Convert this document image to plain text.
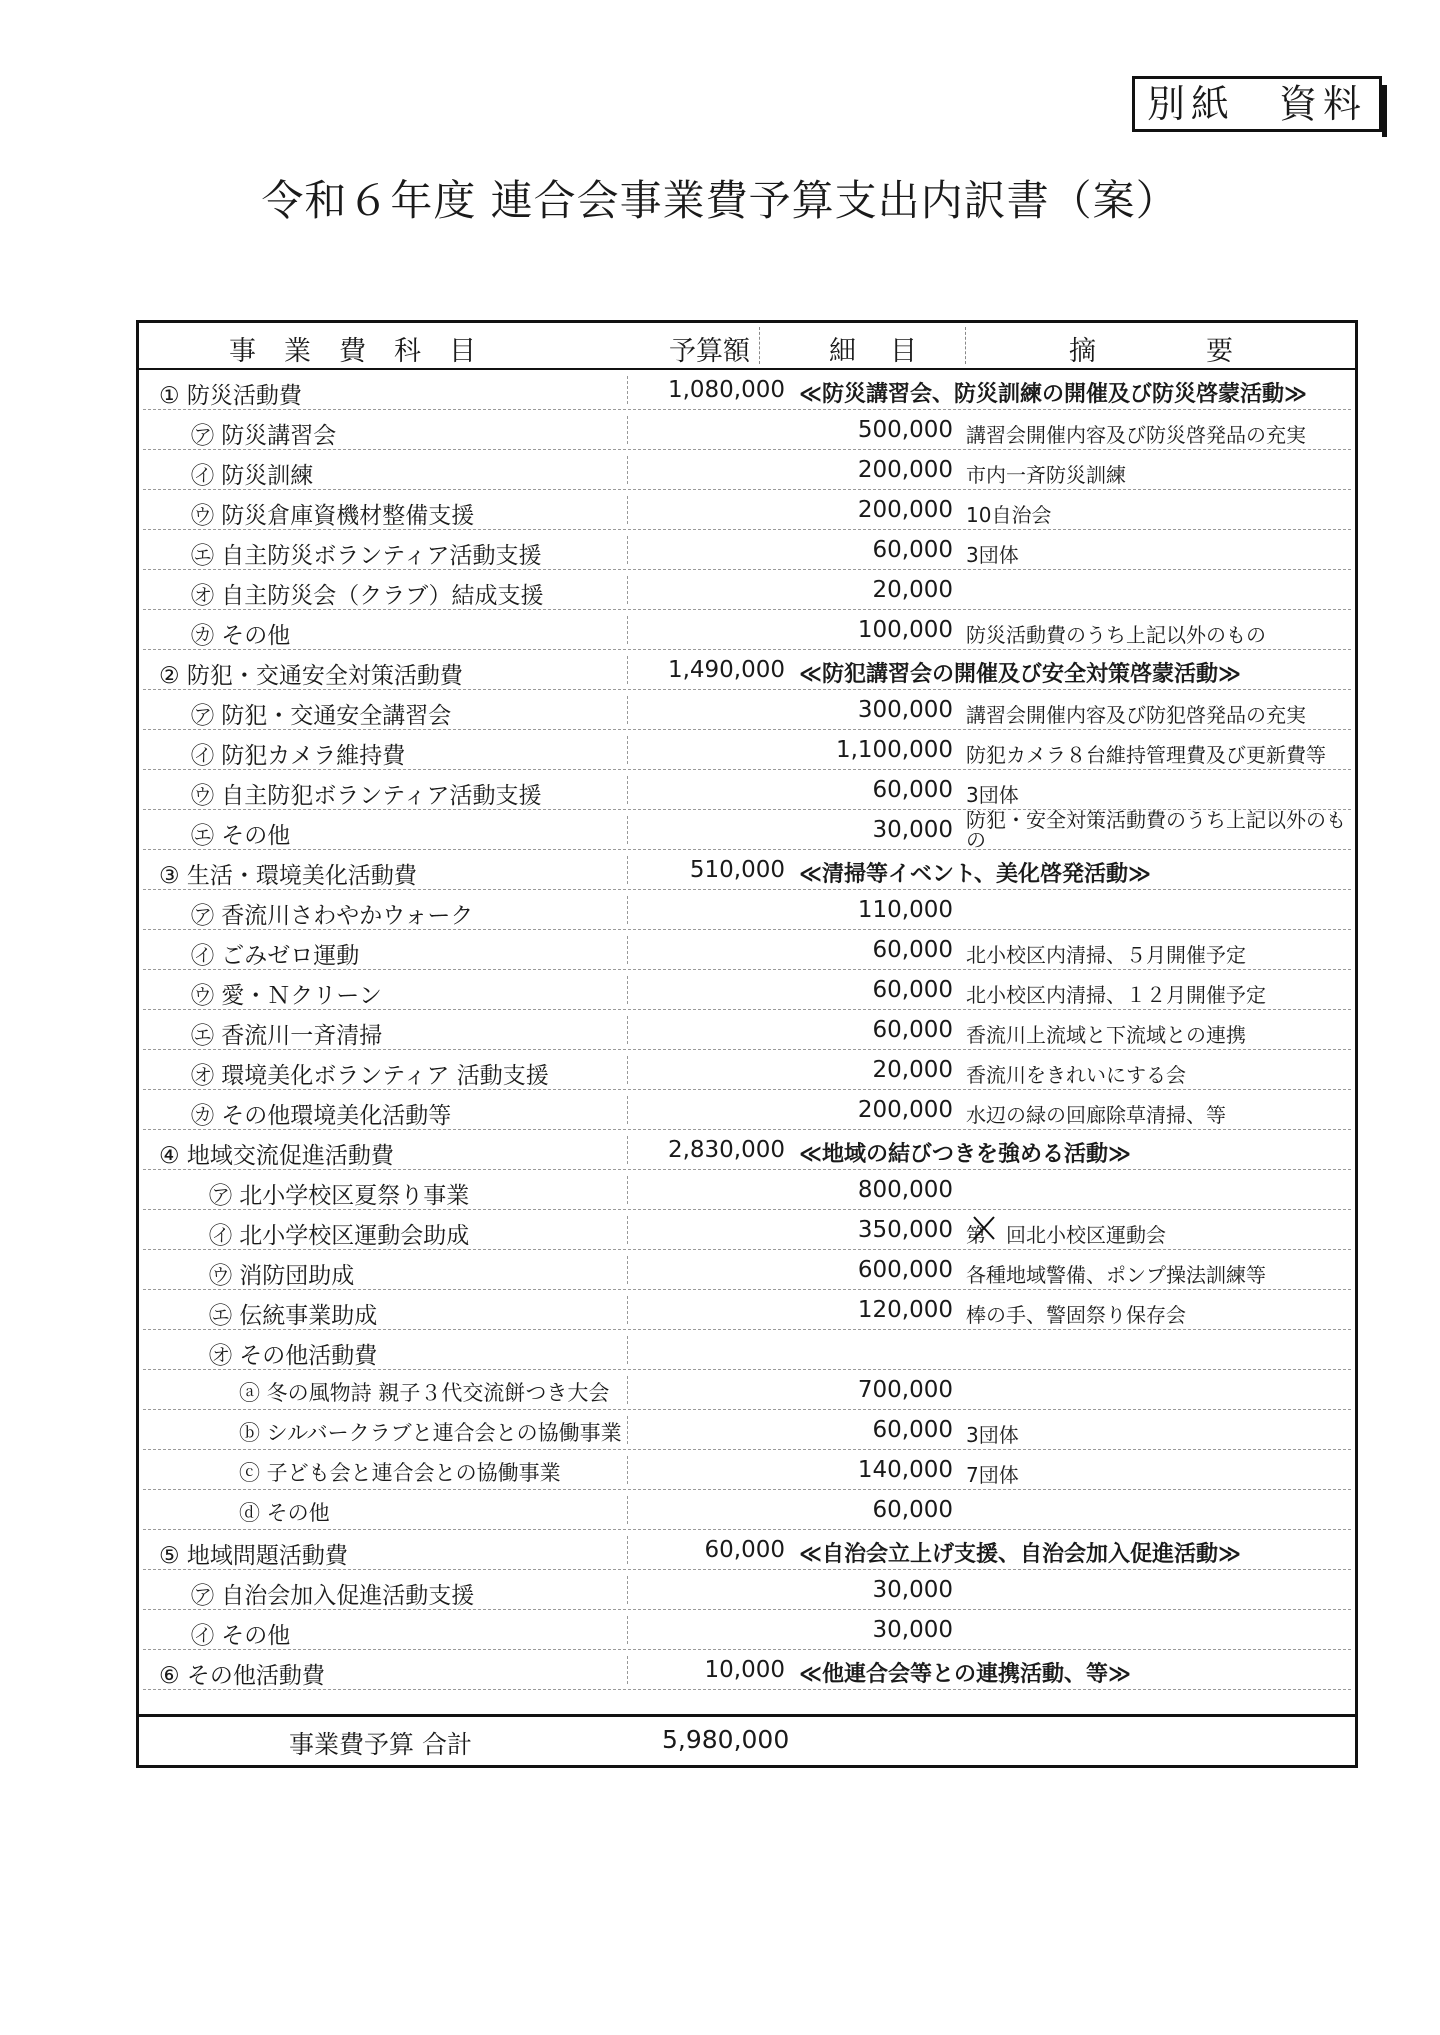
別紙　資料
令和６年度 連合会事業費予算支出内訳書（案）
事業費科目	予算額	細目	摘要
① 防災活動費	1,080,000 ≪防災講習会、防災訓練の開催及び防災啓蒙活動≫
㋐ 防災講習会	500,000 講習会開催内容及び防災啓発品の充実
㋑ 防災訓練	200,000 市内一斉防災訓練
㋒ 防災倉庫資機材整備支援	200,000 10自治会
㋓ 自主防災ボランティア活動支援	60,000 3団体
㋔ 自主防災会（クラブ）結成支援	20,000
㋕ その他	100,000 防災活動費のうち上記以外のもの
② 防犯・交通安全対策活動費	1,490,000 ≪防犯講習会の開催及び安全対策啓蒙活動≫
㋐ 防犯・交通安全講習会	300,000 講習会開催内容及び防犯啓発品の充実
㋑ 防犯カメラ維持費	1,100,000 防犯カメラ８台維持管理費及び更新費等
㋒ 自主防犯ボランティア活動支援	60,000 3団体
㋓ その他	30,000 防犯・安全対策活動費のうち上記以外のもの
③ 生活・環境美化活動費	510,000 ≪清掃等イベント、美化啓発活動≫
㋐ 香流川さわやかウォーク	110,000
㋑ ごみゼロ運動	60,000 北小校区内清掃、５月開催予定
㋒ 愛・Ｎクリーン	60,000 北小校区内清掃、１２月開催予定
㋓ 香流川一斉清掃	60,000 香流川上流域と下流域との連携
㋔ 環境美化ボランティア 活動支援	20,000 香流川をきれいにする会
㋕ その他環境美化活動等	200,000 水辺の緑の回廊除草清掃、等
④ 地域交流促進活動費	2,830,000 ≪地域の結びつきを強める活動≫
㋐ 北小学校区夏祭り事業	800,000
㋑ 北小学校区運動会助成	350,000 第　回北小校区運動会
㋒ 消防団助成	600,000 各種地域警備、ポンプ操法訓練等
㋓ 伝統事業助成	120,000 棒の手、警固祭り保存会
㋔ その他活動費
ⓐ 冬の風物詩 親子３代交流餅つき大会	700,000
ⓑ シルバークラブと連合会との協働事業	60,000 3団体
ⓒ 子ども会と連合会との協働事業	140,000 7団体
ⓓ その他	60,000
⑤ 地域問題活動費	60,000 ≪自治会立上げ支援、自治会加入促進活動≫
㋐ 自治会加入促進活動支援	30,000
㋑ その他	30,000
⑥ その他活動費	10,000 ≪他連合会等との連携活動、等≫
事業費予算 合計	5,980,000
